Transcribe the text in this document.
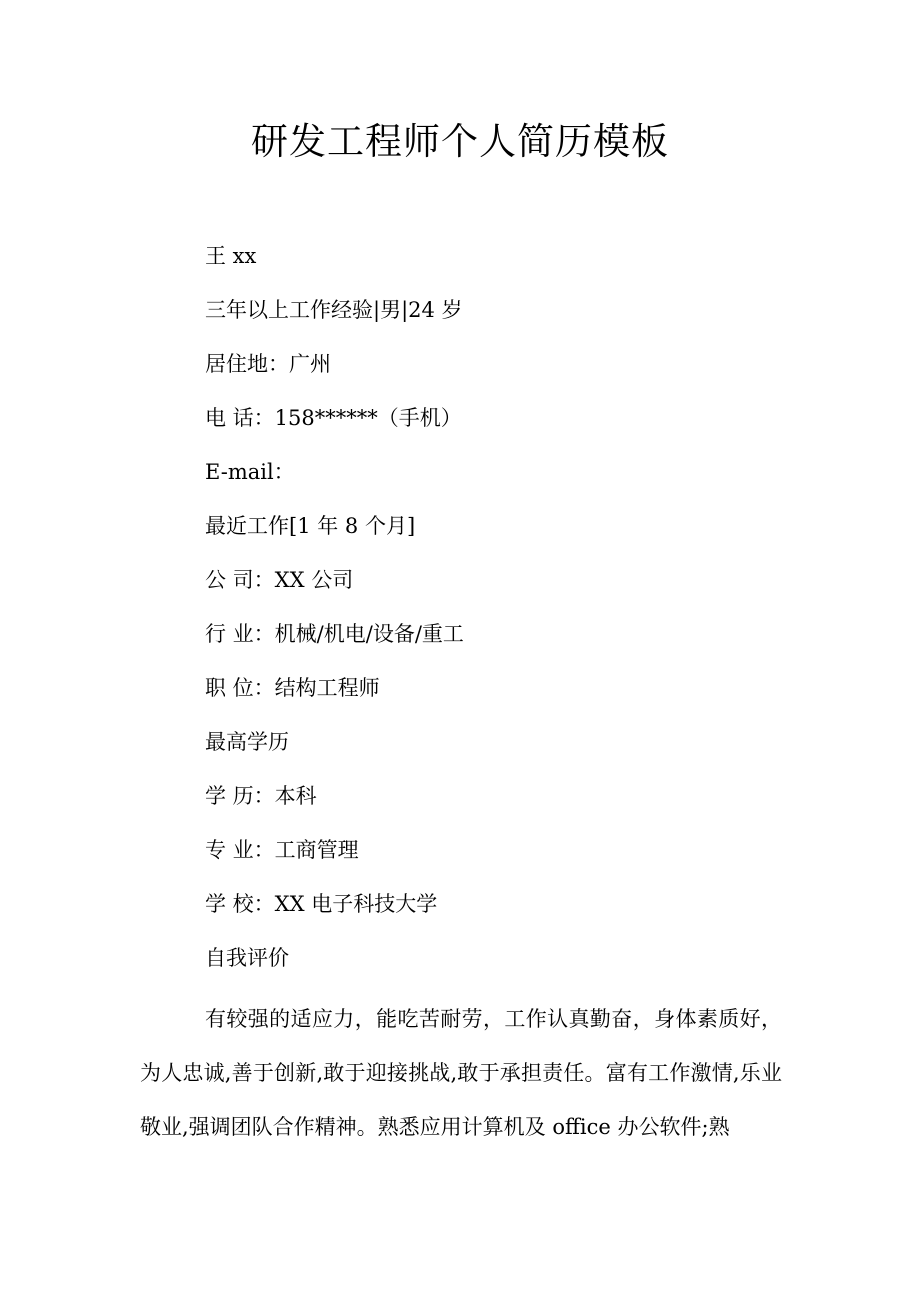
研发工程师个人简历模板
王 xx
三年以上工作经验|男|24 岁
居住地：广州
电 话：158******（手机）
E-mail：
最近工作[1 年 8 个月]
公 司：XX 公司
行 业：机械/机电/设备/重工
职 位：结构工程师
最高学历
学 历：本科
专 业：工商管理
学 校：XX 电子科技大学
自我评价

有较强的适应力，能吃苦耐劳，工作认真勤奋，身体素质好，为人忠诚,善于创新,敢于迎接挑战,敢于承担责任。富有工作激情,乐业敬业,强调团队合作精神。熟悉应用计算机及 office 办公软件;熟
